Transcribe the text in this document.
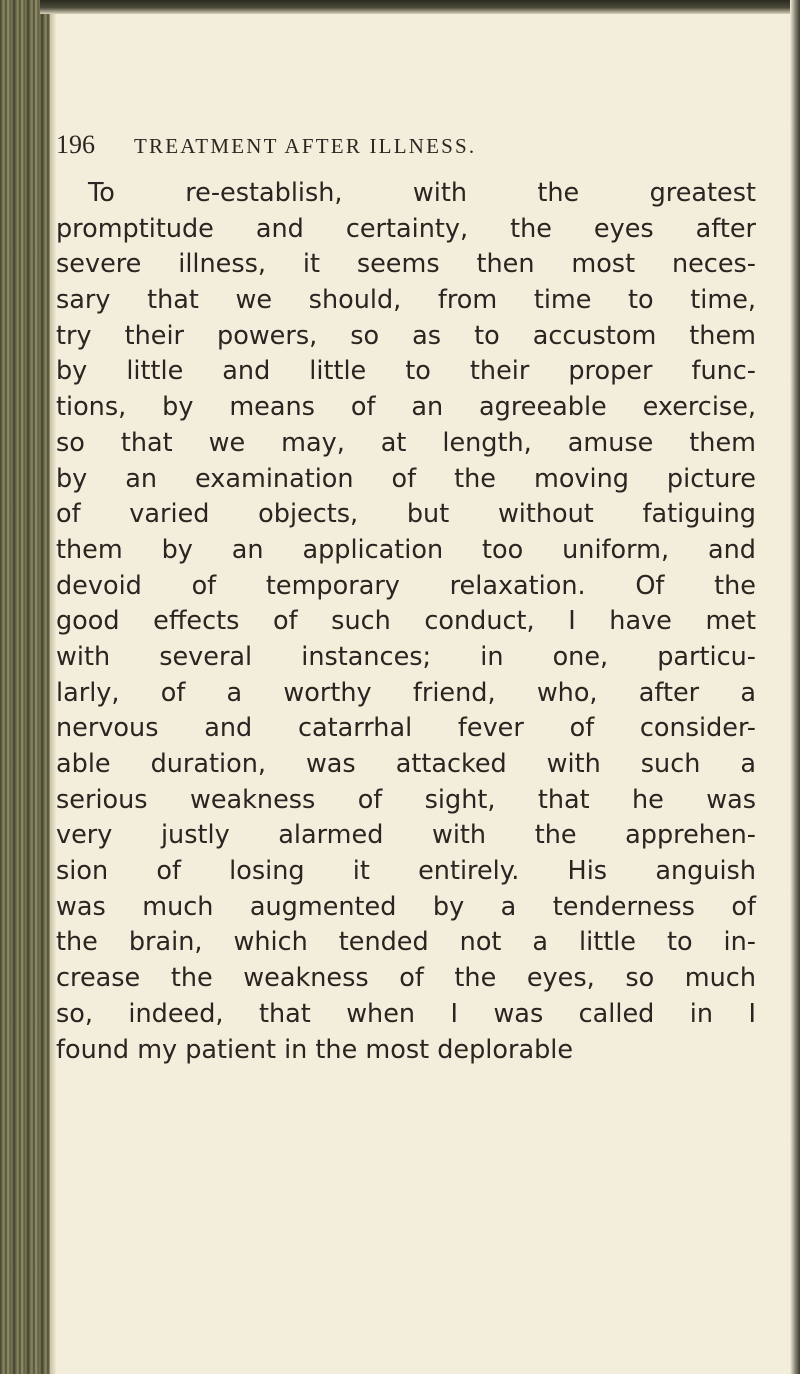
196 TREATMENT AFTER ILLNESS.
To re-establish, with the greatest
promptitude and certainty, the eyes after
severe illness, it seems then most neces-
sary that we should, from time to time,
try their powers, so as to accustom them
by little and little to their proper func-
tions, by means of an agreeable exercise,
so that we may, at length, amuse them
by an examination of the moving picture
of varied objects, but without fatiguing
them by an application too uniform, and
devoid of temporary relaxation. Of the
good effects of such conduct, I have met
with several instances; in one, particu-
larly, of a worthy friend, who, after a
nervous and catarrhal fever of consider-
able duration, was attacked with such a
serious weakness of sight, that he was
very justly alarmed with the apprehen-
sion of losing it entirely. His anguish
was much augmented by a tenderness of
the brain, which tended not a little to in-
crease the weakness of the eyes, so much
so, indeed, that when I was called in I
found my patient in the most deplorable
